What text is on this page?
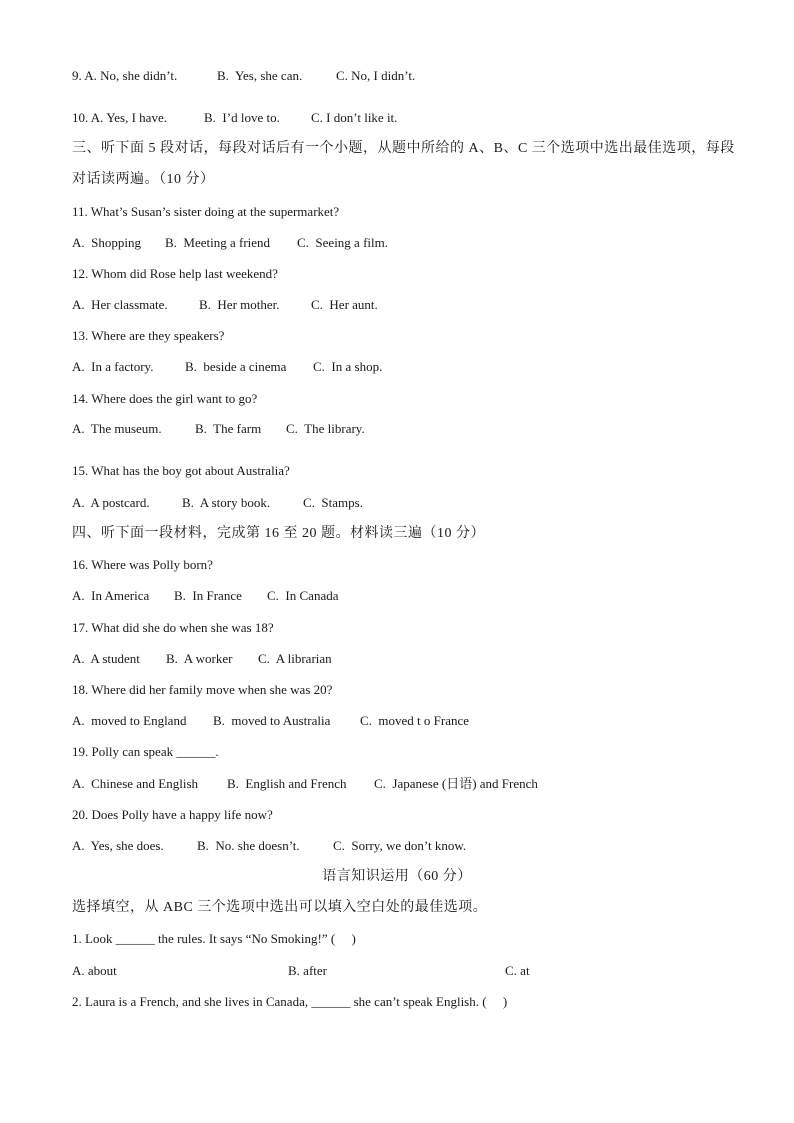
9. A. No, she didn’t.	B.  Yes, she can.	C. No, I didn’t.
10. A. Yes, I have.	B.  I’d love to. C. I don’t like it.
三、听下面 5 段对话，每段对话后有一个小题，从题中所给的 A、B、C 三个选项中选出最佳选项，每段
对话读两遍。（10 分）
11. What’s Susan’s sister doing at the supermarket?
A.  Shopping B.  Meeting a friend C.  Seeing a film.
12. Whom did Rose help last weekend?
A.  Her classmate. B.  Her mother. C.  Her aunt.
13. Where are they speakers?
A.  In a factory. B.  beside a cinema C.  In a shop.
14. Where does the girl want to go?
A.  The museum.	B.  The farm C.  The library.
15. What has the boy got about Australia?
A.  A postcard. B.  A story book.	C.  Stamps.
四、听下面一段材料，完成第 16 至 20 题。材料读三遍（10 分）
16. Where was Polly born?
A.  In America B.  In France C.  In Canada
17. What did she do when she was 18?
A.  A student B.  A worker C.  A librarian
18. Where did her family move when she was 20?
A.  moved to England B.  moved to Australia C.  moved t o France
19. Polly can speak ______.
A.  Chinese and English B.  English and French C.  Japanese (日语) and French
20. Does Polly have a happy life now?
A.  Yes, she does.	B.  No. she doesn’t.	C.  Sorry, we don’t know.
语言知识运用（60 分）
选择填空，从 ABC 三个选项中选出可以填入空白处的最佳选项。
1. Look ______ the rules. It says “No Smoking!” (     )
A. about	B. after	C. at
2. Laura is a French, and she lives in Canada, ______ she can’t speak English. (     )
